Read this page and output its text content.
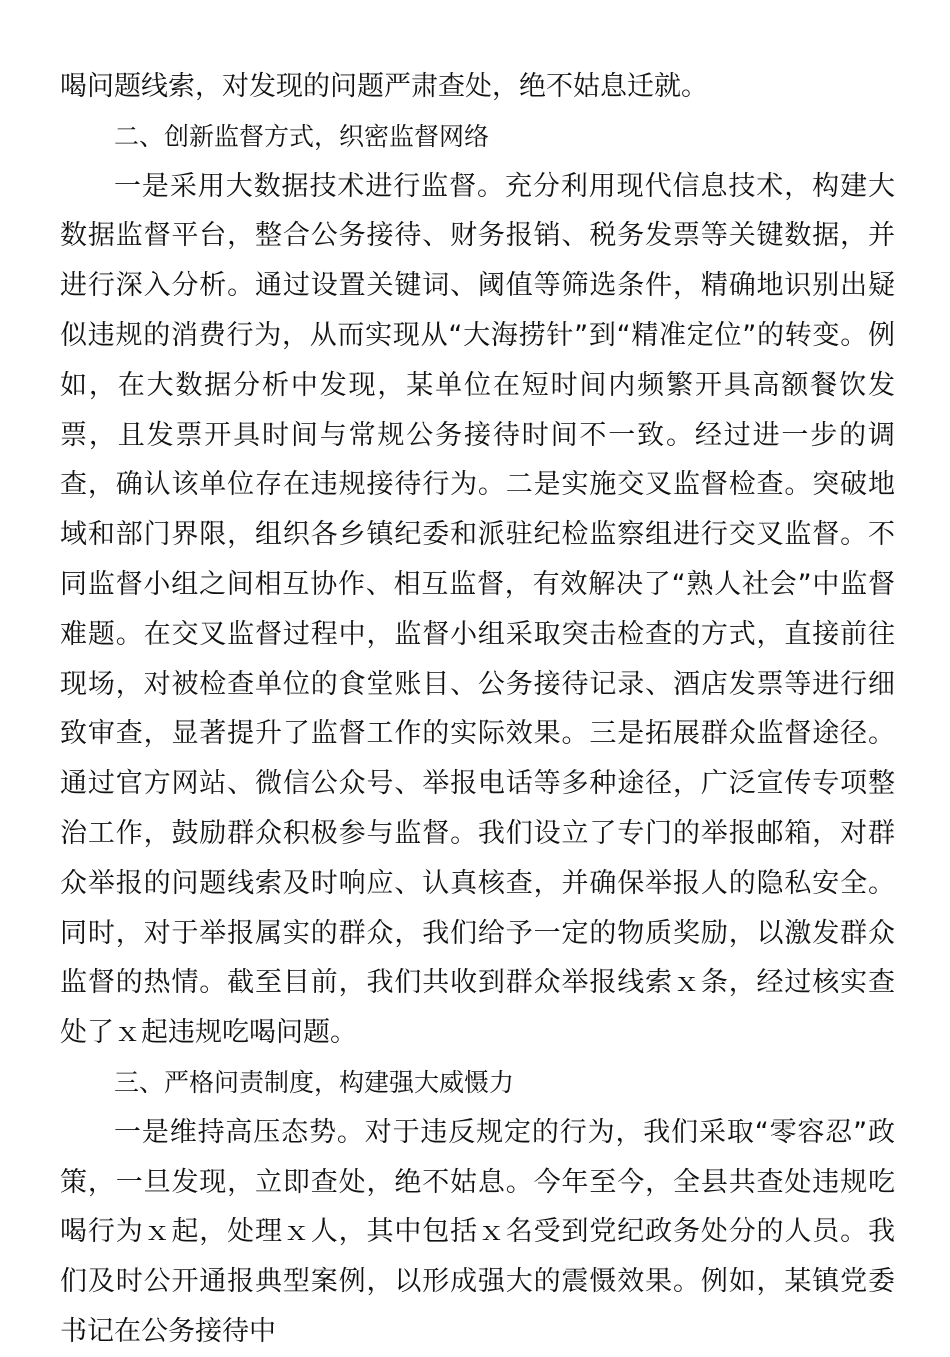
喝问题线索，对发现的问题严肃查处，绝不姑息迁就。

二、创新监督方式，织密监督网络

一是采用大数据技术进行监督。充分利用现代信息技术，构建大数据监督平台，整合公务接待、财务报销、税务发票等关键数据，并进行深入分析。通过设置关键词、阈值等筛选条件，精确地识别出疑似违规的消费行为，从而实现从“大海捞针”到“精准定位”的转变。例如，在大数据分析中发现，某单位在短时间内频繁开具高额餐饮发票，且发票开具时间与常规公务接待时间不一致。经过进一步的调查，确认该单位存在违规接待行为。二是实施交叉监督检查。突破地域和部门界限，组织各乡镇纪委和派驻纪检监察组进行交叉监督。不同监督小组之间相互协作、相互监督，有效解决了“熟人社会”中监督难题。在交叉监督过程中，监督小组采取突击检查的方式，直接前往现场，对被检查单位的食堂账目、公务接待记录、酒店发票等进行细致审查，显著提升了监督工作的实际效果。三是拓展群众监督途径。通过官方网站、微信公众号、举报电话等多种途径，广泛宣传专项整治工作，鼓励群众积极参与监督。我们设立了专门的举报邮箱，对群众举报的问题线索及时响应、认真核查，并确保举报人的隐私安全。同时，对于举报属实的群众，我们给予一定的物质奖励，以激发群众监督的热情。截至目前，我们共收到群众举报线索ｘ条，经过核实查处了ｘ起违规吃喝问题。

三、严格问责制度，构建强大威慑力

一是维持高压态势。对于违反规定的行为，我们采取“零容忍”政策，一旦发现，立即查处，绝不姑息。今年至今，全县共查处违规吃喝行为ｘ起，处理ｘ人，其中包括ｘ名受到党纪政务处分的人员。我们及时公开通报典型案例，以形成强大的震慑效果。例如，某镇党委书记在公务接待中
